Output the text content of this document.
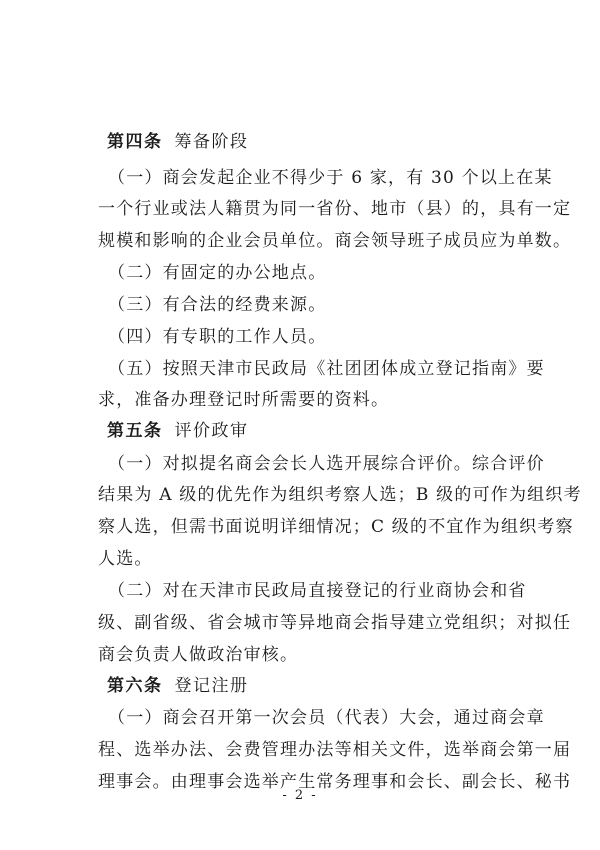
第四条 筹备阶段
（一）商会发起企业不得少于 6 家，有 30 个以上在某
一个行业或法人籍贯为同一省份、地市（县）的，具有一定
规模和影响的企业会员单位。商会领导班子成员应为单数。
（二）有固定的办公地点。
（三）有合法的经费来源。
（四）有专职的工作人员。
（五）按照天津市民政局《社团团体成立登记指南》要
求，准备办理登记时所需要的资料。
第五条 评价政审
（一）对拟提名商会会长人选开展综合评价。综合评价
结果为 A 级的优先作为组织考察人选；B 级的可作为组织考
察人选，但需书面说明详细情况；C 级的不宜作为组织考察
人选。
（二）对在天津市民政局直接登记的行业商协会和省
级、副省级、省会城市等异地商会指导建立党组织；对拟任
商会负责人做政治审核。
第六条 登记注册
（一）商会召开第一次会员（代表）大会，通过商会章
程、选举办法、会费管理办法等相关文件，选举商会第一届
理事会。由理事会选举产生常务理事和会长、副会长、秘书
- 2 -
